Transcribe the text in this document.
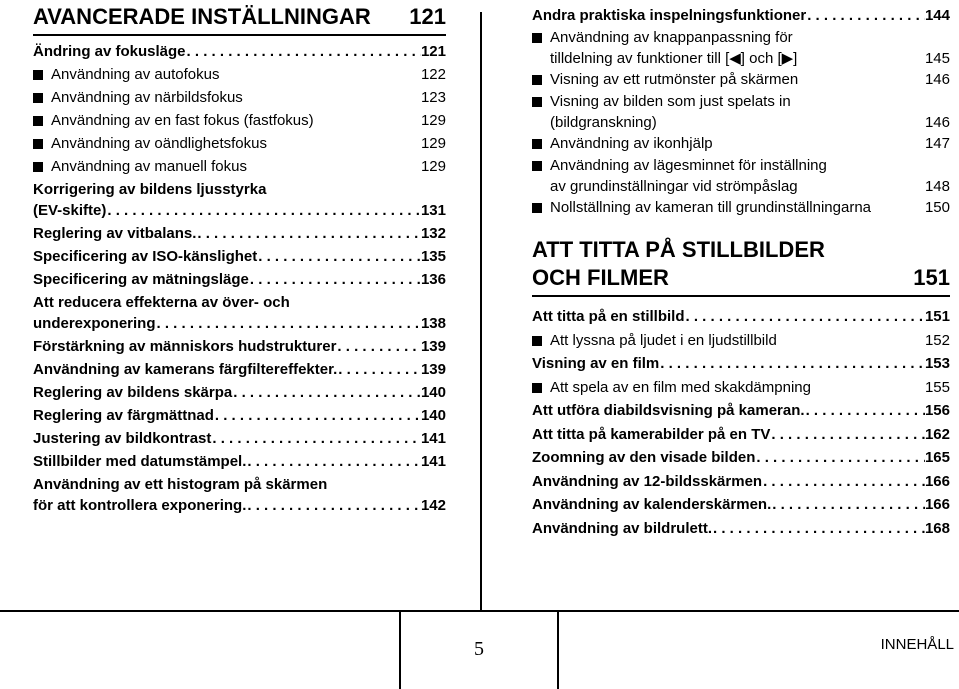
AVANCERADE INSTÄLLNINGAR 121
Ändring av fokusläge . . .	121
Användning av autofokus	122
Användning av närbildsfokus	123
Användning av en fast fokus (fastfokus)	129
Användning av oändlighetsfokus	129
Användning av manuell fokus	129
Korrigering av bildens ljusstyrka
(EV-skifte) . . .	131
Reglering av vitbalans. . . .	132
Specificering av ISO-känslighet . . .	135
Specificering av mätningsläge . . .	136
Att reducera effekterna av över- och
underexponering . . .	138
Förstärkning av människors hudstrukturer . . .	139
Användning av kamerans färgfiltereffekter. . . .	139
Reglering av bildens skärpa . . .	140
Reglering av färgmättnad . . .	140
Justering av bildkontrast . . .	141
Stillbilder med datumstämpel. . . .	141
Användning av ett histogram på skärmen
för att kontrollera exponering. . . .	142
Andra praktiska inspelningsfunktioner . . .	144
Användning av knappanpassning för
tilldelning av funktioner till [◀] och [▶]	145
Visning av ett rutmönster på skärmen	146
Visning av bilden som just spelats in
(bildgranskning)	146
Användning av ikonhjälp	147
Användning av lägesminnet för inställning
av grundinställningar vid strömpåslag	148
Nollställning av kameran till grundinställningarna	150
ATT TITTA PÅ STILLBILDER
OCH FILMER	151
Att titta på en stillbild . . .	151
Att lyssna på ljudet i en ljudstillbild	152
Visning av en film . . .	153
Att spela av en film med skakdämpning	155
Att utföra diabildsvisning på kameran. . . .	156
Att titta på kamerabilder på en TV . . .	162
Zoomning av den visade bilden . . .	165
Användning av 12-bildsskärmen . . .	166
Användning av kalenderskärmen. . . .	166
Användning av bildrulett. . . .	168
5	INNEHÅLL
